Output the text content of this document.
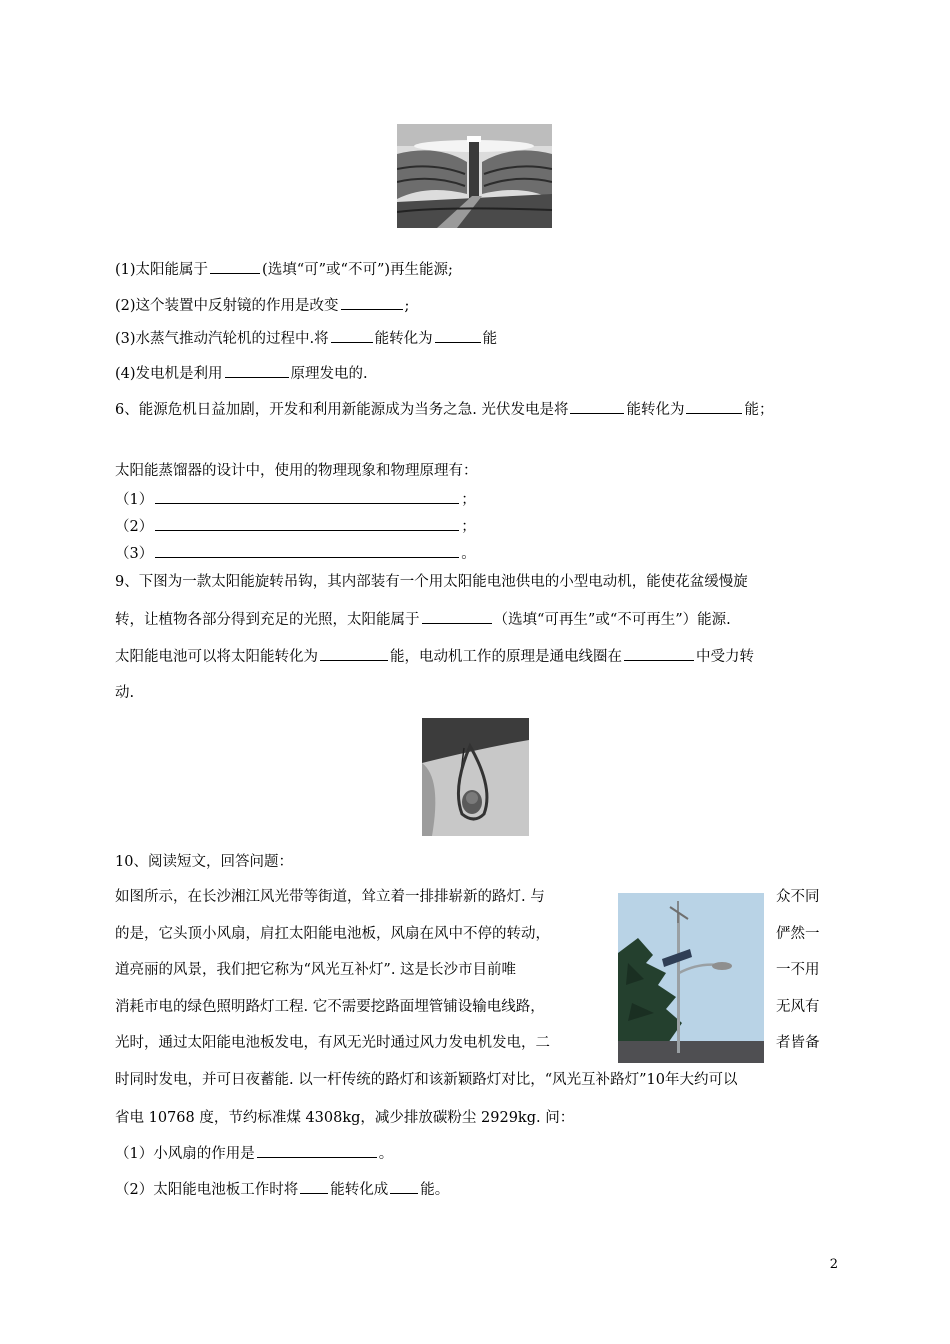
(1)太阳能属于	(选填“可”或“不可”)再生能源;
(2)这个装置中反射镜的作用是改变	;
(3)水蒸气推动汽轮机的过程中.将	能转化为	能
(4)发电机是利用	原理发电的.
6、能源危机日益加剧，开发和利用新能源成为当务之急. 光伏发电是将	能转化为	能；
太阳能蒸馏器的设计中，使用的物理现象和物理原理有：
（1）	；
（2）	；
（3）	。
9、下图为一款太阳能旋转吊钩，其内部装有一个用太阳能电池供电的小型电动机，能使花盆缓慢旋
转，让植物各部分得到充足的光照，太阳能属于	（选填“可再生”或“不可再生”）能源.
太阳能电池可以将太阳能转化为	能，电动机工作的原理是通电线圈在	中受力转
动.
10、阅读短文，回答问题：
如图所示，在长沙湘江风光带等街道，耸立着一排排崭新的路灯. 与	众不同
的是，它头顶小风扇，肩扛太阳能电池板，风扇在风中不停的转动，	俨然一
道亮丽的风景，我们把它称为“风光互补灯”. 这是长沙市目前唯	一不用
消耗市电的绿色照明路灯工程. 它不需要挖路面埋管铺设输电线路，	无风有
光时，通过太阳能电池板发电，有风无光时通过风力发电机发电，二	者皆备
时同时发电，并可日夜蓄能. 以一杆传统的路灯和该新颖路灯对比，“风光互补路灯”10年大约可以
省电 10768 度，节约标准煤 4308kg，减少排放碳粉尘 2929kg. 问：
（1）小风扇的作用是	。
（2）太阳能电池板工作时将 能转化成 能。
2
